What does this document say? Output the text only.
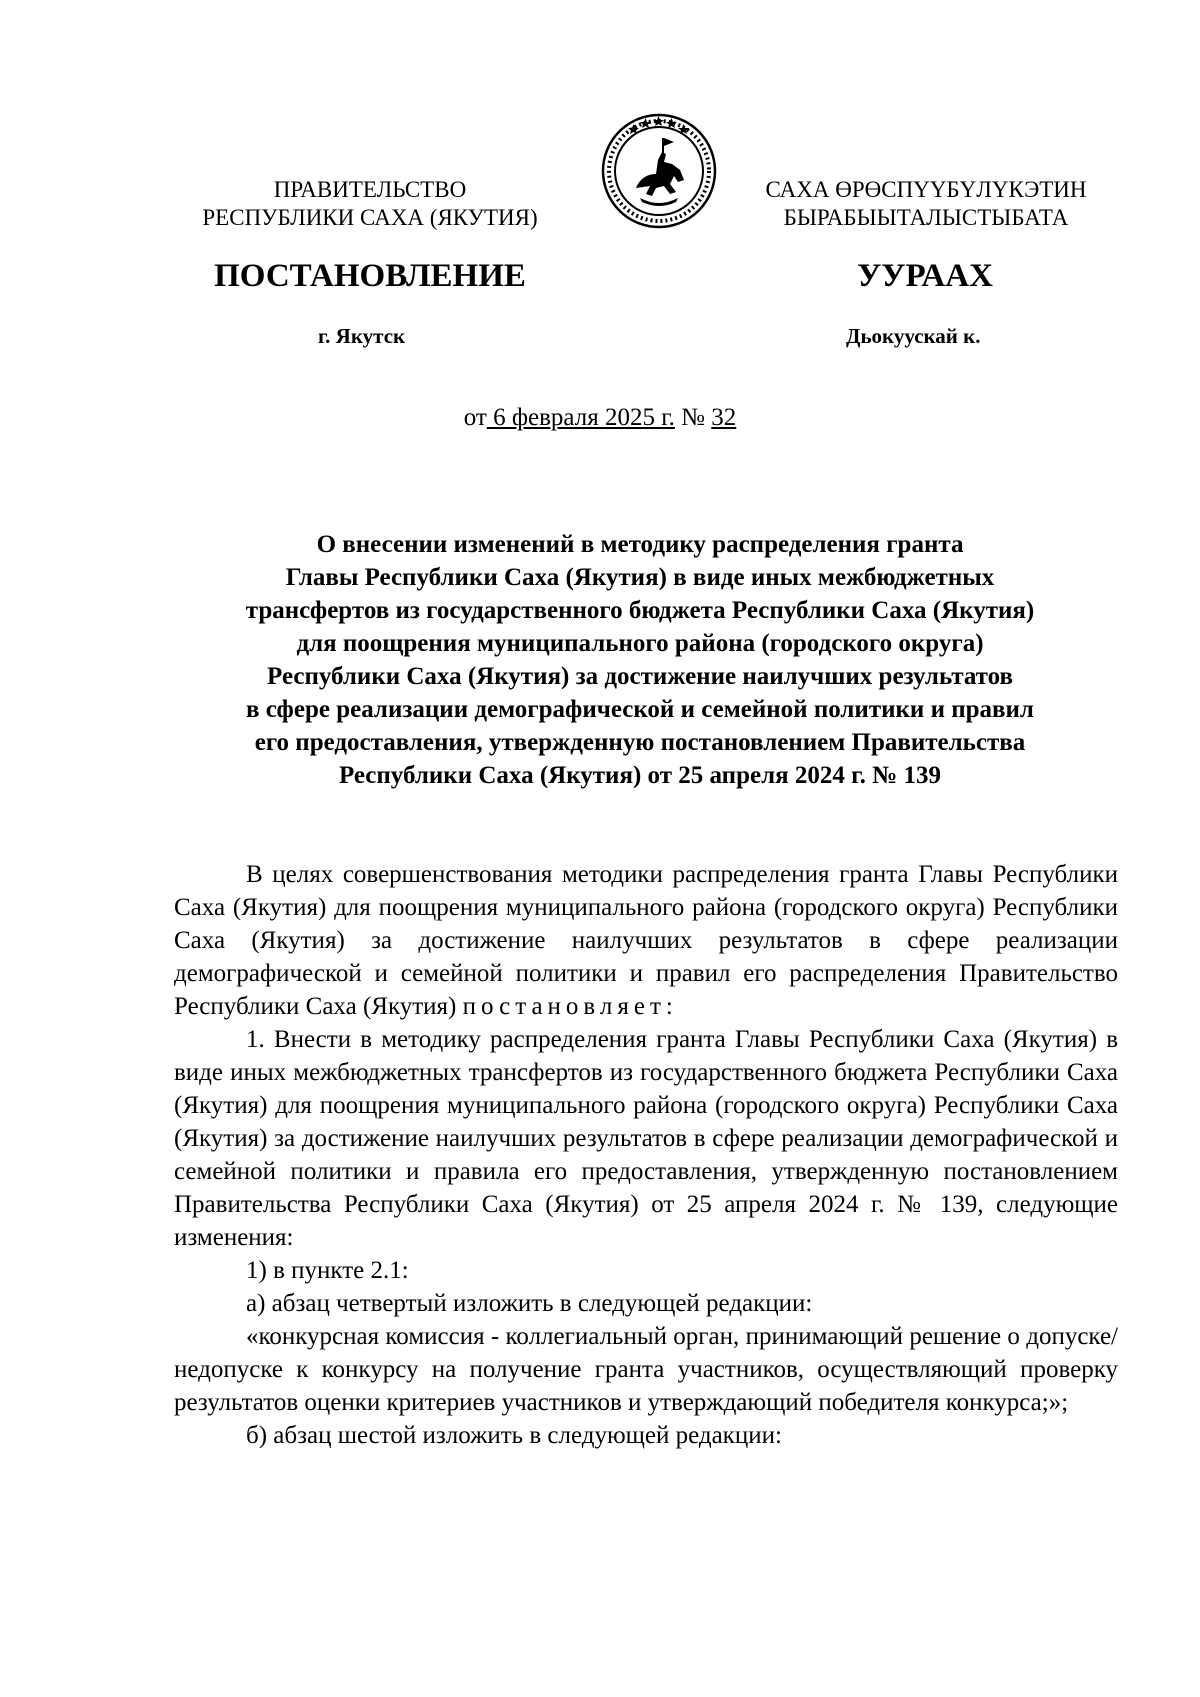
ПРАВИТЕЛЬСТВО
РЕСПУБЛИКИ САХА (ЯКУТИЯ)
САХА ӨРӨСПҮҮБҮЛҮКЭТИН
БЫРАБЫЫТАЛЫСТЫБАТА
ПОСТАНОВЛЕНИЕ	УУРААХ
г. Якутск	Дьокуускай к.
от 6 февраля 2025 г. № 32
О внесении изменений в методику распределения гранта
Главы Республики Саха (Якутия) в виде иных межбюджетных
трансфертов из государственного бюджета Республики Саха (Якутия)
для поощрения муниципального района (городского округа)
Республики Саха (Якутия) за достижение наилучших результатов
в сфере реализации демографической и семейной политики и правил
его предоставления, утвержденную постановлением Правительства
Республики Саха (Якутия) от 25 апреля 2024 г. № 139

В целях совершенствования методики распределения гранта Главы Республики Саха (Якутия) для поощрения муниципального района (городского округа) Республики Саха (Якутия) за достижение наилучших результатов в сфере реализации демографической и семейной политики и правил его распределения Правительство Республики Саха (Якутия) постановляет:

1. Внести в методику распределения гранта Главы Республики Саха (Якутия) в виде иных межбюджетных трансфертов из государственного бюджета Республики Саха (Якутия) для поощрения муниципального района (городского округа) Республики Саха (Якутия) за достижение наилучших результатов в сфере реализации демографической и семейной политики и правила его предоставления, утвержденную постановлением Правительства Республики Саха (Якутия) от 25 апреля 2024 г. № 139, следующие изменения:

1) в пункте 2.1:

а) абзац четвертый изложить в следующей редакции:

«конкурсная комиссия - коллегиальный орган, принимающий решение о допуске/недопуске к конкурсу на получение гранта участников, осуществляющий проверку результатов оценки критериев участников и утверждающий победителя конкурса;»;

б) абзац шестой изложить в следующей редакции:
